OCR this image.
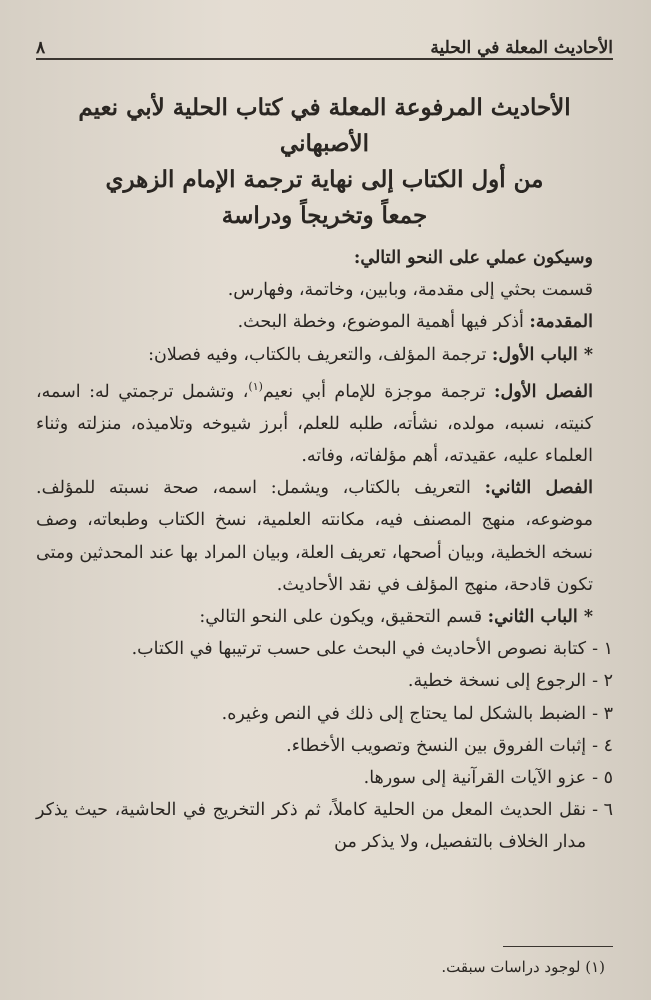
الأحاديث المعلة في الحلية
٨
الأحاديث المرفوعة المعلة في كتاب الحلية لأبي نعيم الأصبهاني
من أول الكتاب إلى نهاية ترجمة الإمام الزهري
جمعاً وتخريجاً ودراسة

وسيكون عملي على النحو التالي:

قسمت بحثي إلى مقدمة، وبابين، وخاتمة، وفهارس.

المقدمة: أذكر فيها أهمية الموضوع، وخطة البحث.

* الباب الأول: ترجمة المؤلف، والتعريف بالكتاب، وفيه فصلان:

الفصل الأول: ترجمة موجزة للإمام أبي نعيم$^{(١)}$، وتشمل ترجمتي له: اسمه، كنيته، نسبه، مولده، نشأته، طلبه للعلم، أبرز شيوخه وتلاميذه، منزلته وثناء العلماء عليه، عقيدته، أهم مؤلفاته، وفاته.

الفصل الثاني: التعريف بالكتاب، ويشمل: اسمه، صحة نسبته للمؤلف. موضوعه، منهج المصنف فيه، مكانته العلمية، نسخ الكتاب وطبعاته، وصف نسخه الخطية، وبيان أصحها، تعريف العلة، وبيان المراد بها عند المحدثين ومتى تكون قادحة، منهج المؤلف في نقد الأحاديث.

* الباب الثاني: قسم التحقيق، ويكون على النحو التالي:

١ -
كتابة نصوص الأحاديث في البحث على حسب ترتيبها في الكتاب.
٢ -
الرجوع إلى نسخة خطية.
٣ -
الضبط بالشكل لما يحتاج إلى ذلك في النص وغيره.
٤ -
إثبات الفروق بين النسخ وتصويب الأخطاء.
٥ -
عزو الآيات القرآنية إلى سورها.
٦ -
نقل الحديث المعل من الحلية كاملاً، ثم ذكر التخريج في الحاشية، حيث يذكر مدار الخلاف بالتفصيل، ولا يذكر من
(١) لوجود دراسات سبقت.
